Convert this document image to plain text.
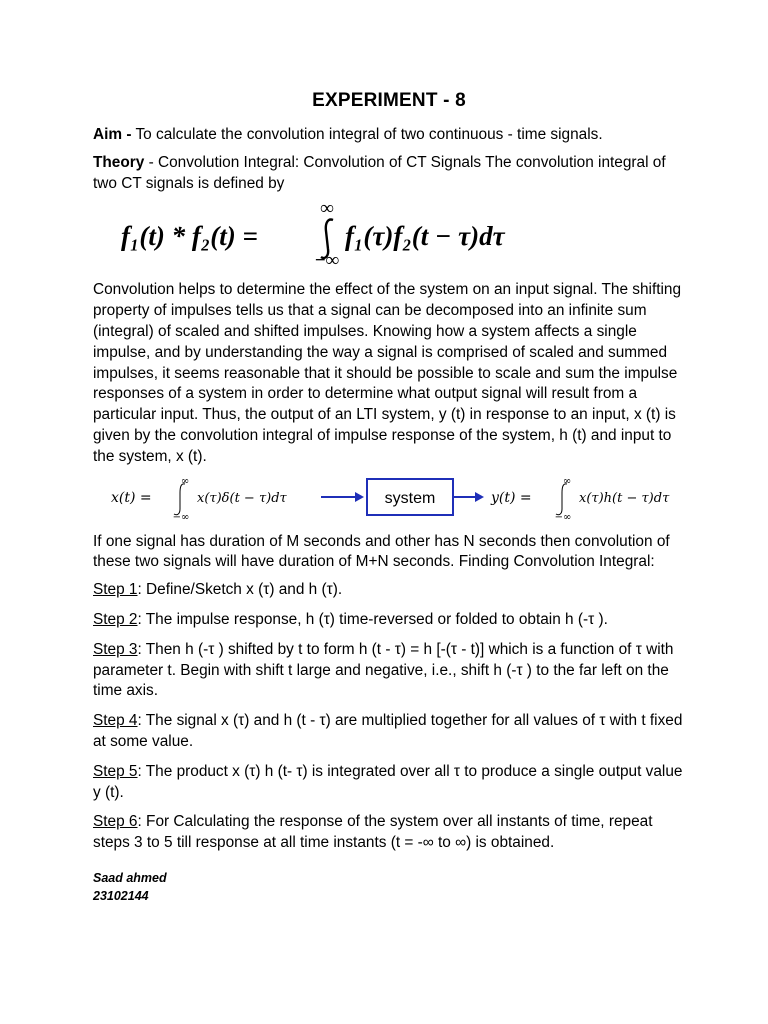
EXPERIMENT - 8

Aim - To calculate the convolution integral of two continuous - time signals.

Theory - Convolution Integral: Convolution of CT Signals The convolution integral of two CT signals is defined by

f₁(t) * f₂(t) =
∞
−∞
f₁(τ)f₂(t − τ)dτ

Convolution helps to determine the effect of the system on an input signal. The shifting property of impulses tells us that a signal can be decomposed into an infinite sum (integral) of scaled and shifted impulses. Knowing how a system affects a single impulse, and by understanding the way a signal is comprised of scaled and summed impulses, it seems reasonable that it should be possible to scale and sum the impulse responses of a system in order to determine what output signal will result from a particular input. Thus, the output of an LTI system, y (t) in response to an input, x (t) is given by the convolution integral of impulse response of the system, h (t) and input to the system, x (t).

x(t) =
∞
−∞
x(τ)δ(t − τ)dτ	system	y(t) =
∞
−∞
x(τ)h(t − τ)dτ

If one signal has duration of M seconds and other has N seconds then convolution of these two signals will have duration of M+N seconds. Finding Convolution Integral:

Step 1: Define/Sketch x (τ) and h (τ).

Step 2: The impulse response, h (τ) time-reversed or folded to obtain h (-τ ).

Step 3: Then h (-τ ) shifted by t to form h (t - τ) = h [-(τ - t)] which is a function of τ with parameter t. Begin with shift t large and negative, i.e., shift h (-τ ) to the far left on the time axis.

Step 4: The signal x (τ) and h (t - τ) are multiplied together for all values of τ with t fixed at some value.

Step 5: The product x (τ) h (t- τ) is integrated over all τ to produce a single output value y (t).

Step 6: For Calculating the response of the system over all instants of time, repeat steps 3 to 5 till response at all time instants (t = -∞ to ∞) is obtained.

Saad ahmed
23102144
